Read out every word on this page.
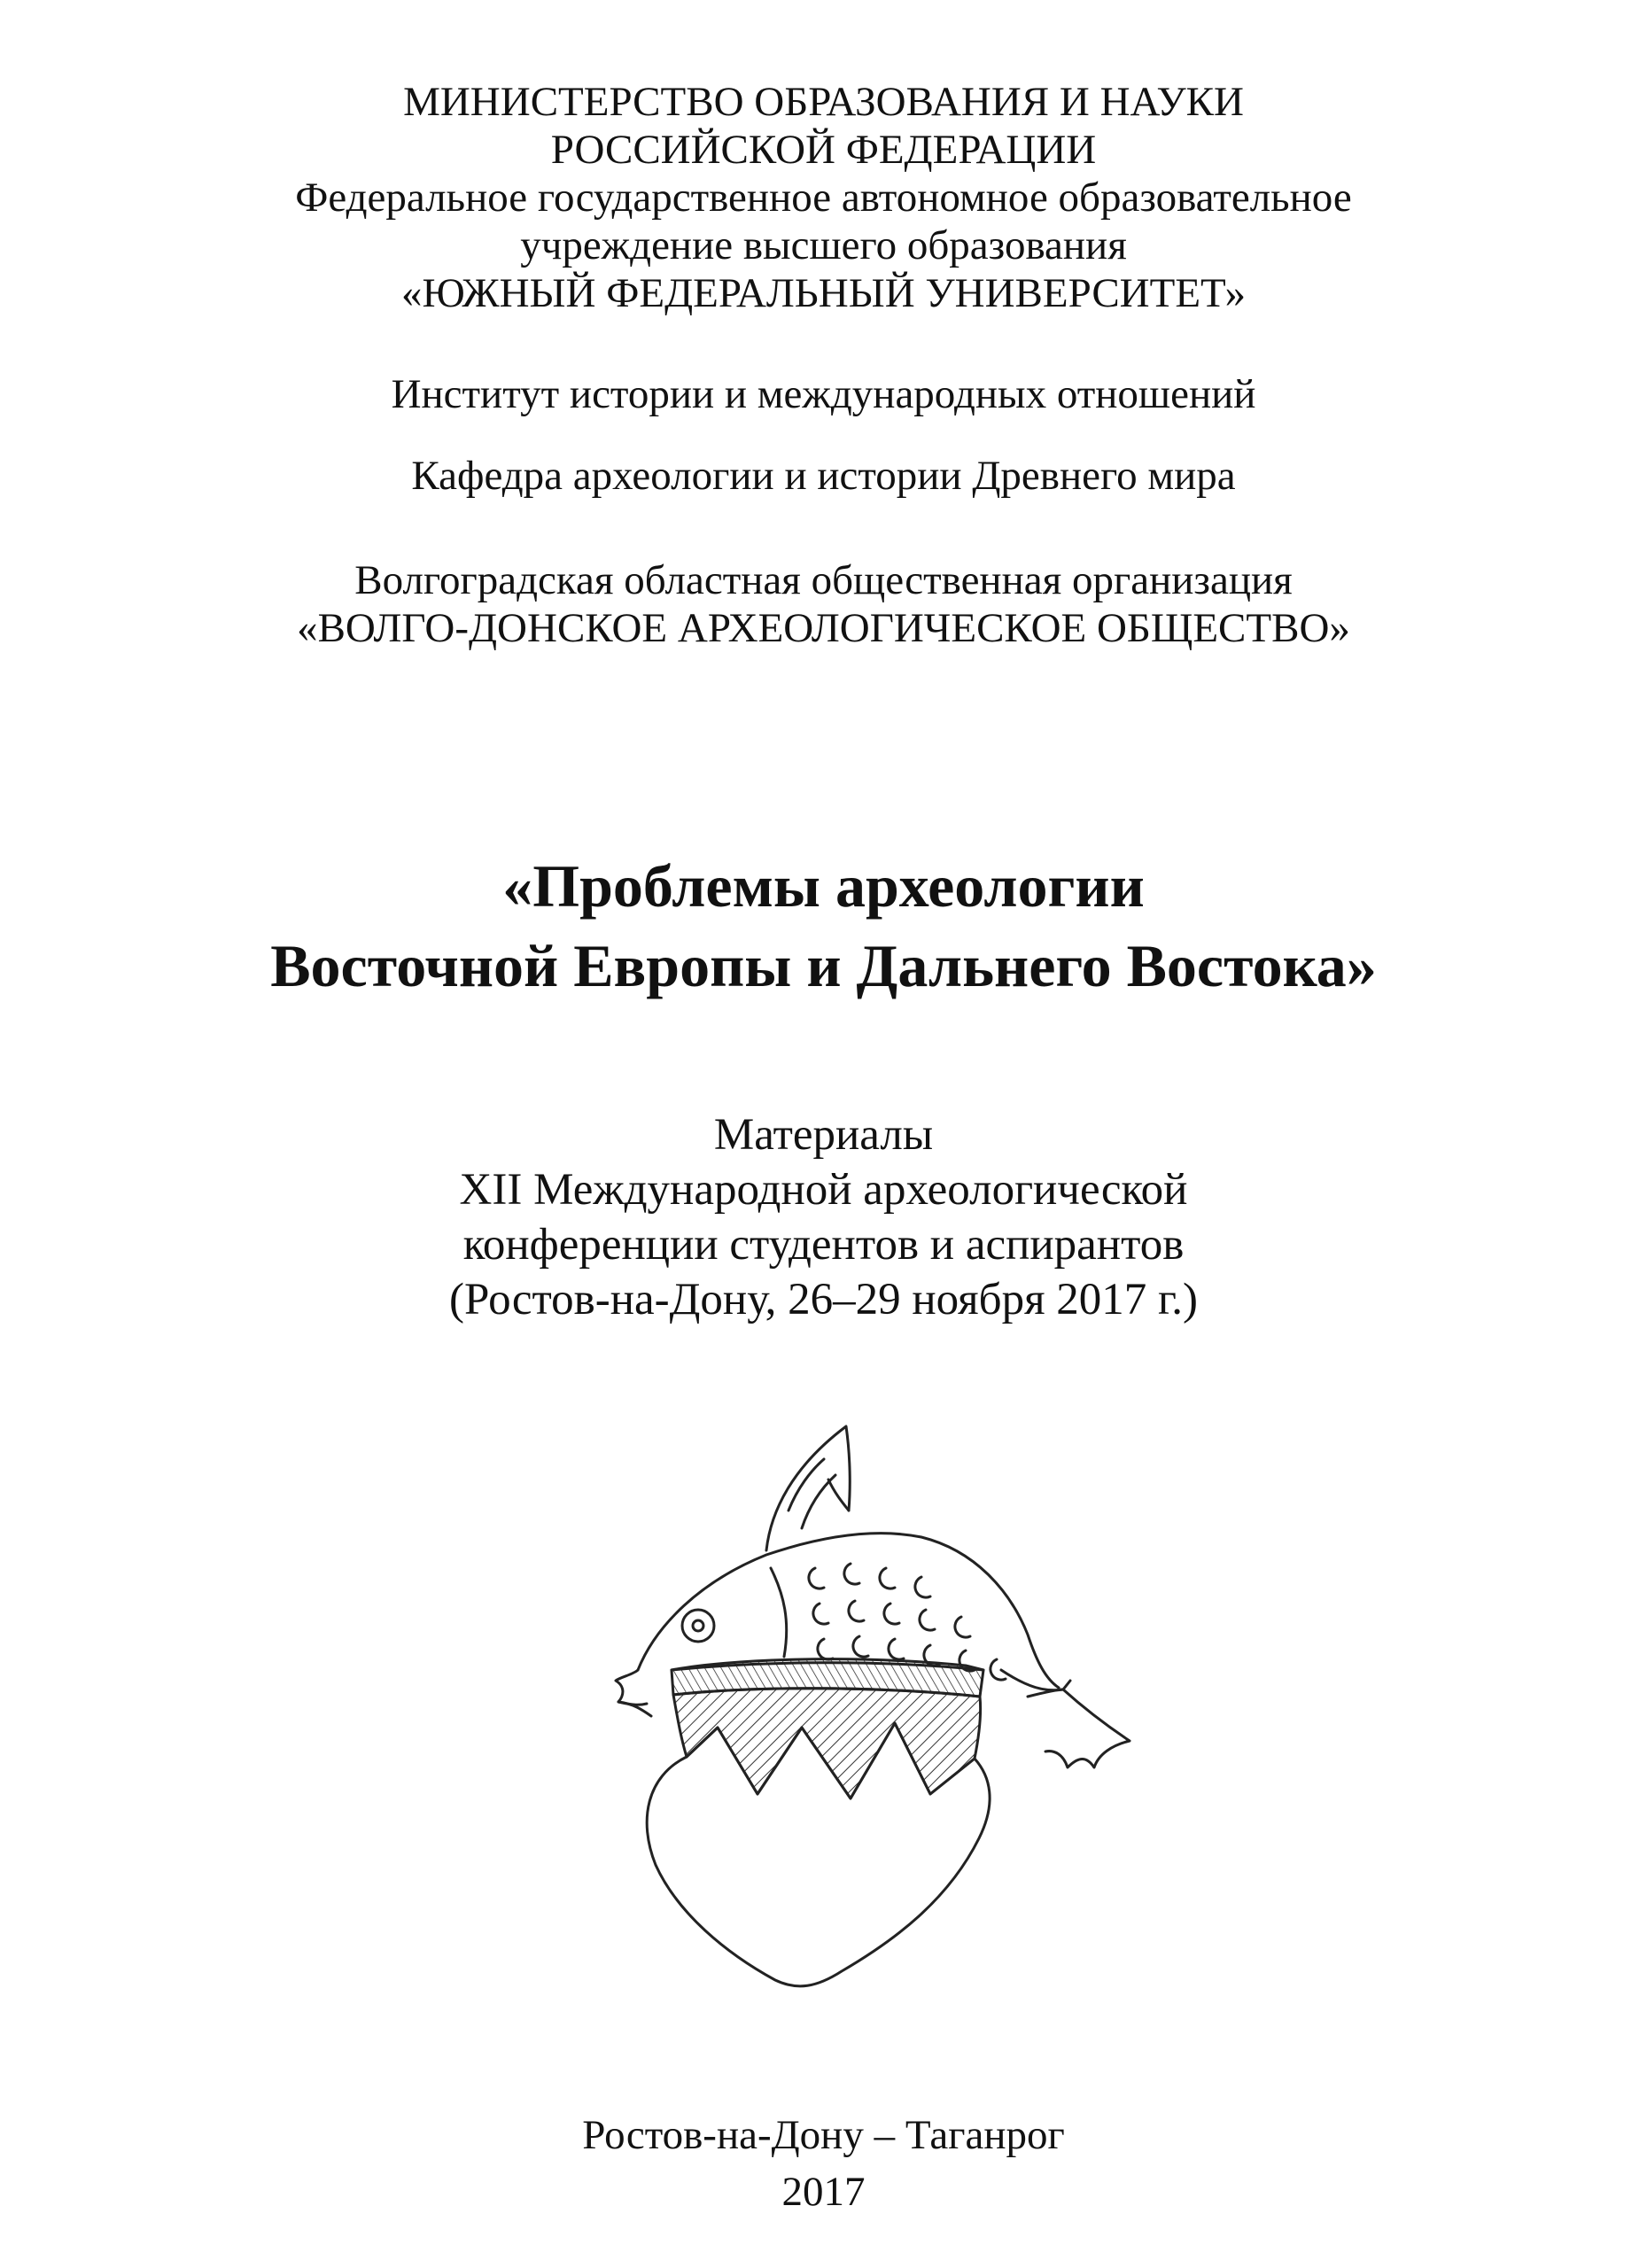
МИНИСТЕРСТВО ОБРАЗОВАНИЯ И НАУКИ
РОССИЙСКОЙ ФЕДЕРАЦИИ
Федеральное государственное автономное образовательное
учреждение высшего образования
«ЮЖНЫЙ ФЕДЕРАЛЬНЫЙ УНИВЕРСИТЕТ»
Институт истории и международных отношений
Кафедра археологии и истории Древнего мира
Волгоградская областная общественная организация
«ВОЛГО-ДОНСКОЕ АРХЕОЛОГИЧЕСКОЕ ОБЩЕСТВО»
«Проблемы археологии
Восточной Европы и Дальнего Востока»
Материалы
XII Международной археологической
конференции студентов и аспирантов
(Ростов-на-Дону, 26–29 ноября 2017 г.)
Ростов-на-Дону – Таганрог
2017
